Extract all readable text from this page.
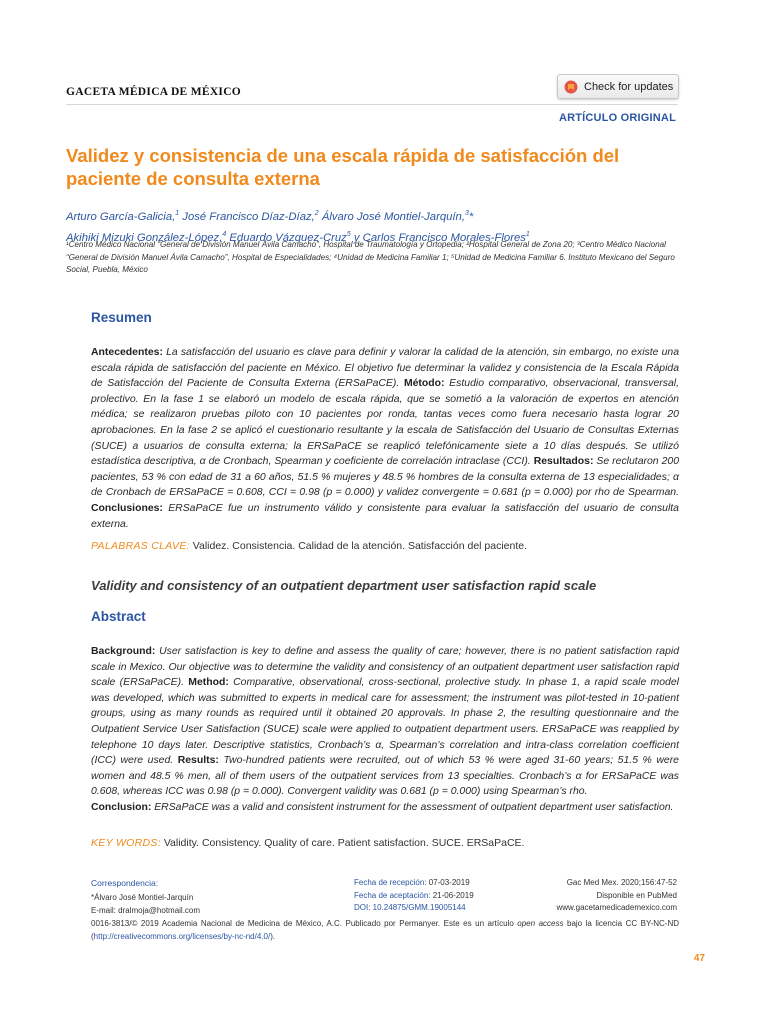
GACETA MÉDICA DE MÉXICO	Check for updates
ARTÍCULO ORIGINAL
Validez y consistencia de una escala rápida de satisfacción del paciente de consulta externa
Arturo García-Galicia,$^1$ José Francisco Díaz-Díaz,$^2$ Álvaro José Montiel-Jarquín,$^3$*
Akihiki Mizuki González-López,$^4$ Eduardo Vázquez-Cruz$^5$ y Carlos Francisco Morales-Flores$^1$
¹Centro Médico Nacional “General de División Manuel Ávila Camacho”, Hospital de Traumatología y Ortopedia; ²Hospital General de Zona 20; ³Centro Médico Nacional “General de División Manuel Ávila Camacho”, Hospital de Especialidades; ⁴Unidad de Medicina Familiar 1; ⁵Unidad de Medicina Familiar 6. Instituto Mexicano del Seguro Social, Puebla, México
Resumen
Antecedentes: La satisfacción del usuario es clave para definir y valorar la calidad de la atención, sin embargo, no existe una escala rápida de satisfacción del paciente en México. El objetivo fue determinar la validez y consistencia de la Escala Rápida de Satisfacción del Paciente de Consulta Externa (ERSaPaCE). Método: Estudio comparativo, observacional, transversal, prolectivo. En la fase 1 se elaboró un modelo de escala rápida, que se sometió a la valoración de expertos en atención médica; se realizaron pruebas piloto con 10 pacientes por ronda, tantas veces como fuera necesario hasta lograr 20 aprobaciones. En la fase 2 se aplicó el cuestionario resultante y la escala de Satisfacción del Usuario de Consultas Externas (SUCE) a usuarios de consulta externa; la ERSaPaCE se reaplicó telefónicamente siete a 10 días después. Se utilizó estadística descriptiva, α de Cronbach, Spearman y coeficiente de correlación intraclase (CCI). Resultados: Se reclutaron 200 pacientes, 53 % con edad de 31 a 60 años, 51.5 % mujeres y 48.5 % hombres de la consulta externa de 13 especialidades; α de Cronbach de ERSaPaCE = 0.608, CCI = 0.98 (p = 0.000) y validez convergente = 0.681 (p = 0.000) por rho de Spearman. Conclusiones: ERSaPaCE fue un instrumento válido y consistente para evaluar la satisfacción del usuario de consulta externa.
PALABRAS CLAVE: Validez. Consistencia. Calidad de la atención. Satisfacción del paciente.
Validity and consistency of an outpatient department user satisfaction rapid scale
Abstract
Background: User satisfaction is key to define and assess the quality of care; however, there is no patient satisfaction rapid scale in Mexico. Our objective was to determine the validity and consistency of an outpatient department user satisfaction rapid scale (ERSaPaCE). Method: Comparative, observational, cross-sectional, prolective study. In phase 1, a rapid scale model was developed, which was submitted to experts in medical care for assessment; the instrument was pilot-tested in 10-patient groups, using as many rounds as required until it obtained 20 approvals. In phase 2, the resulting questionnaire and the Outpatient Service User Satisfaction (SUCE) scale were applied to outpatient department users. ERSaPaCE was reapplied by telephone 10 days later. Descriptive statistics, Cronbach’s α, Spearman’s correlation and intra-class correlation coefficient (ICC) were used. Results: Two-hundred patients were recruited, out of which 53 % were aged 31-60 years; 51.5 % were women and 48.5 % men, all of them users of the outpatient services from 13 specialties. Cronbach’s α for ERSaPaCE was 0.608, whereas ICC was 0.98 (p = 0.000). Convergent validity was 0.681 (p = 0.000) using Spearman’s rho.
Conclusion: ERSaPaCE was a valid and consistent instrument for the assessment of outpatient department user satisfaction.
KEY WORDS: Validity. Consistency. Quality of care. Patient satisfaction. SUCE. ERSaPaCE.
Correspondencia:
*Álvaro José Montiel-Jarquín
E-mail: dralmoja@hotmail.com
Fecha de recepción: 07-03-2019
Fecha de aceptación: 21-06-2019
DOI: 10.24875/GMM.19005144
Gac Med Mex. 2020;156:47-52
Disponible en PubMed
www.gacetamedicademexico.com
0016-3813/© 2019 Academia Nacional de Medicina de México, A.C. Publicado por Permanyer. Este es un artículo open access bajo la licencia CC BY-NC-ND (http://creativecommons.org/licenses/by-nc-nd/4.0/).
47
